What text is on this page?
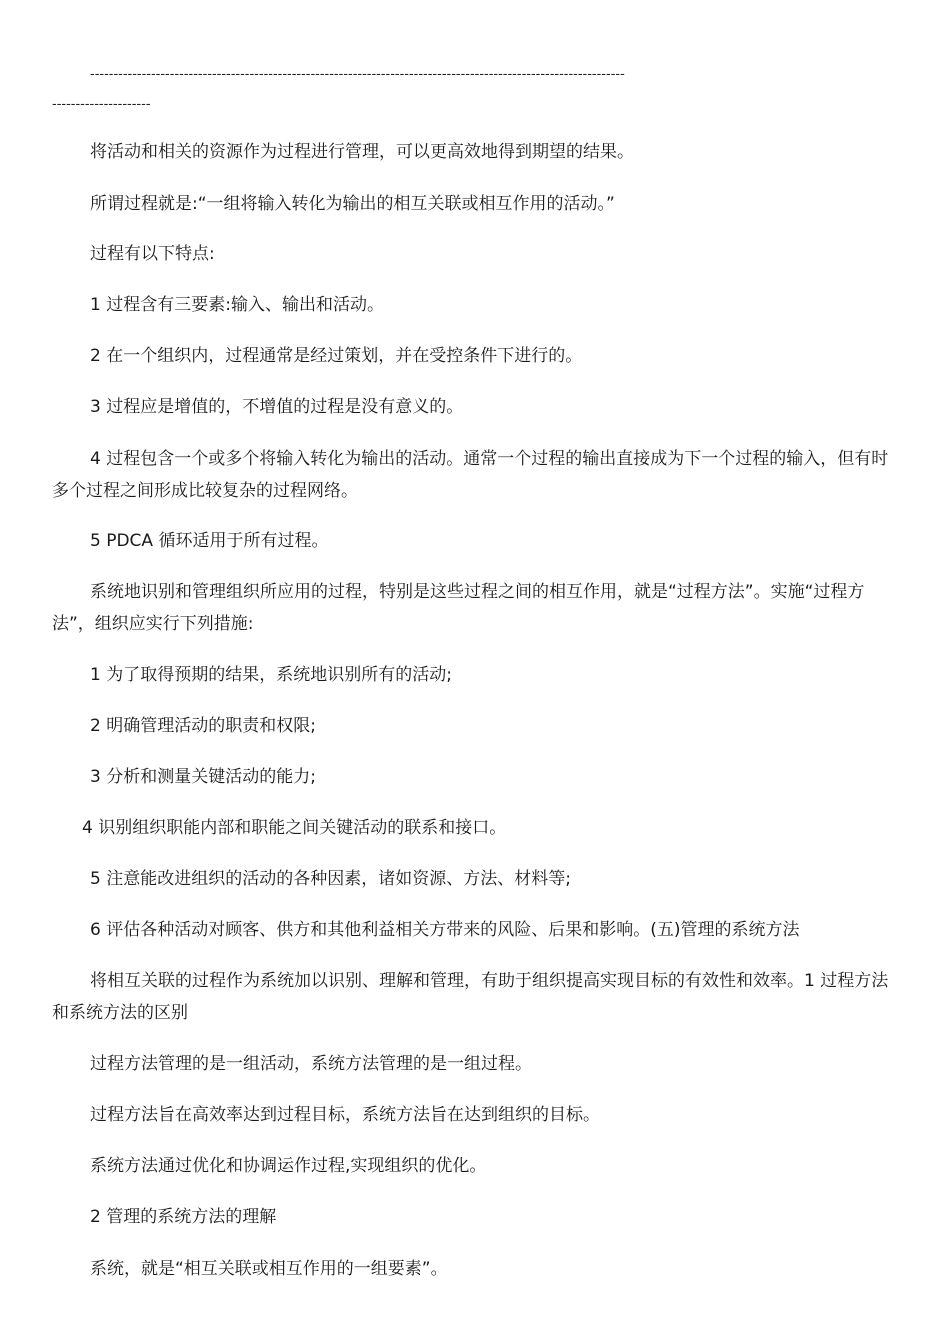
------------------------------------------------------------------------------------------------------------------
---------------------

将活动和相关的资源作为过程进行管理，可以更高效地得到期望的结果。

所谓过程就是:“一组将输入转化为输出的相互关联或相互作用的活动。”

过程有以下特点:

1 过程含有三要素:输入、输出和活动。

2 在一个组织内，过程通常是经过策划，并在受控条件下进行的。

3 过程应是增值的，不增值的过程是没有意义的。

4 过程包含一个或多个将输入转化为输出的活动。通常一个过程的输出直接成为下一个过程的输入，但有时多个过程之间形成比较复杂的过程网络。

5 PDCA 循环适用于所有过程。

系统地识别和管理组织所应用的过程，特别是这些过程之间的相互作用，就是“过程方法”。实施“过程方法”，组织应实行下列措施:

1 为了取得预期的结果，系统地识别所有的活动;

2 明确管理活动的职责和权限;

3 分析和测量关键活动的能力;

4 识别组织职能内部和职能之间关键活动的联系和接口。

5 注意能改进组织的活动的各种因素，诸如资源、方法、材料等;

6 评估各种活动对顾客、供方和其他利益相关方带来的风险、后果和影响。(五)管理的系统方法

将相互关联的过程作为系统加以识别、理解和管理，有助于组织提高实现目标的有效性和效率。1 过程方法和系统方法的区别

过程方法管理的是一组活动，系统方法管理的是一组过程。

过程方法旨在高效率达到过程目标，系统方法旨在达到组织的目标。

系统方法通过优化和协调运作过程,实现组织的优化。

2 管理的系统方法的理解

系统，就是“相互关联或相互作用的一组要素”。
